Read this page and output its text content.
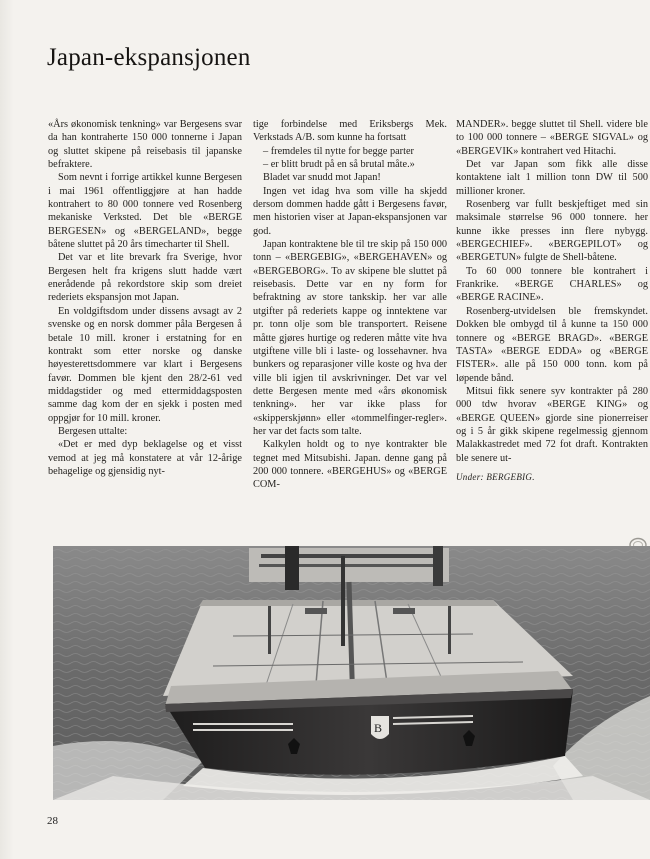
Japan-ekspansjonen

«Års økonomisk tenkning» var Bergesens svar da han kontraherte 150 000 tonnerne i Japan og sluttet skipene på reisebasis til japanske befraktere.

Som nevnt i forrige artikkel kunne Bergesen i mai 1961 offentliggjøre at han hadde kontrahert to 80 000 tonnere ved Rosenberg mekaniske Verksted. Det ble «BERGE BERGESEN» og «BERGELAND», begge båtene sluttet på 20 års timecharter til Shell.

Det var et lite brevark fra Sverige, hvor Bergesen helt fra krigens slutt hadde vært enerådende på rekordstore skip som dreiet rederiets ekspansjon mot Japan.

En voldgiftsdom under dissens avsagt av 2 svenske og en norsk dommer påla Bergesen å betale 10 mill. kroner i erstatning for en kontrakt som etter norske og danske høyesterettsdommere var klart i Bergesens favør. Dommen ble kjent den 28/2-61 ved middagstider og med ettermiddagsposten samme dag kom der en sjekk i posten med oppgjør for 10 mill. kroner.

Bergesen uttalte:

«Det er med dyp beklagelse og et visst vemod at jeg må konstatere at vår 12-årige behagelige og gjensidig nyt-

tige forbindelse med Eriksbergs Mek. Verkstads A/B. som kunne ha fortsatt

– fremdeles til nytte for begge parter

– er blitt brudt på en så brutal måte.»

Bladet var snudd mot Japan!

Ingen vet idag hva som ville ha skjedd dersom dommen hadde gått i Bergesens favør, men historien viser at Japan-ekspansjonen var god.

Japan kontraktene ble til tre skip på 150 000 tonn – «BERGEBIG», «BERGEHAVEN» og «BERGEBORG». To av skipene ble sluttet på reisebasis. Dette var en ny form for befraktning av store tankskip. her var alle utgifter på rederiets kappe og inntektene var pr. tonn olje som ble transportert. Reisene måtte gjøres hurtige og rederen måtte vite hva utgiftene ville bli i laste- og lossehavner. hva bunkers og reparasjoner ville koste og hva der ville bli igjen til avskrivninger. Det var vel dette Bergesen mente med «års økonomisk tenkning». her var ikke plass for «skipperskjønn» eller «tommelfinger-regler». her var det facts som talte.

Kalkylen holdt og to nye kontrakter ble tegnet med Mitsubishi. Japan. denne gang på 200 000 tonnere. «BERGEHUS» og «BERGE COM-

MANDER». begge sluttet til Shell. videre ble to 100 000 tonnere – «BERGE SIGVAL» og «BERGEVIK» kontrahert ved Hitachi.

Det var Japan som fikk alle disse kontaktene ialt 1 million tonn DW til 500 millioner kroner.

Rosenberg var fullt beskjeftiget med sin maksimale størrelse 96 000 tonnere. her kunne ikke presses inn flere nybygg. «BERGECHIEF». «BERGEPILOT» og «BERGETUN» fulgte de Shell-båtene.

To 60 000 tonnere ble kontrahert i Frankrike. «BERGE CHARLES» og «BERGE RACINE».

Rosenberg-utvidelsen ble fremskyndet. Dokken ble ombygd til å kunne ta 150 000 tonnere og «BERGE BRAGD». «BERGE TASTA» «BERGE EDDA» og «BERGE FISTER». alle på 150 000 tonn. kom på løpende bånd.

Mitsui fikk senere syv kontrakter på 280 000 tdw hvorav «BERGE KING» og «BERGE QUEEN» gjorde sine pionerreiser og i 5 år gikk skipene regelmessig gjennom Malakkastredet med 72 fot draft. Kontrakten ble senere ut-

Under: BERGEBIG.

B
28
